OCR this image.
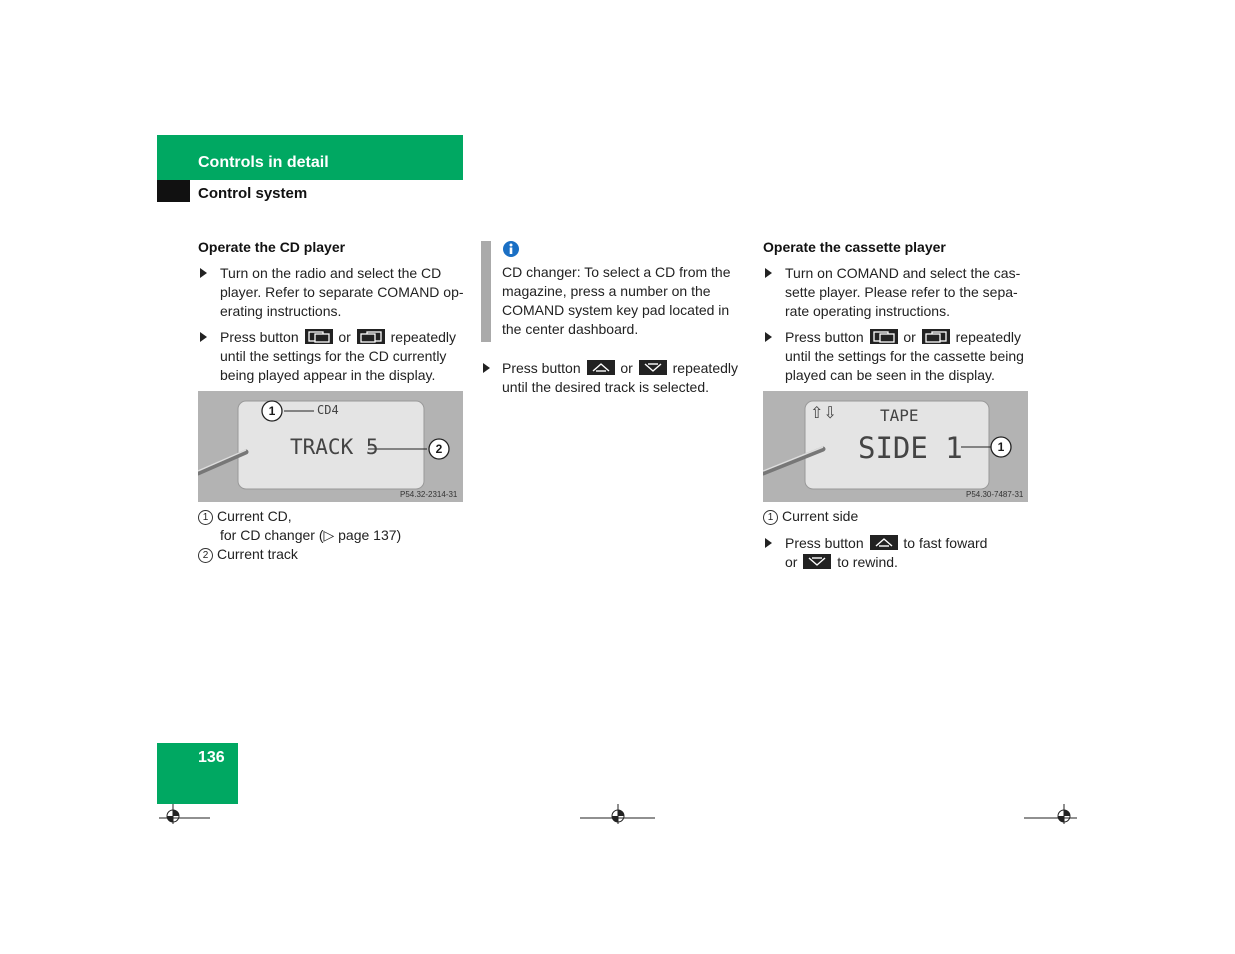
Controls in detail
Control system
Operate the CD player
Turn on the radio and select the CD
player. Refer to separate COMAND op-
erating instructions.
Press button	or	repeatedly
until the settings for the CD currently
being played appear in the display.
1
2
CD4
TRACK 5
P54.32-2314-31
1 Current CD,
for CD changer (▷ page 137)
2 Current track
CD changer: To select a CD from the
magazine, press a number on the
COMAND system key pad located in
the center dashboard.
Press button	or	repeatedly
until the desired track is selected.
Operate the cassette player
Turn on COMAND and select the cas-
sette player. Please refer to the sepa-
rate operating instructions.
Press button	or	repeatedly
until the settings for the cassette being
played can be seen in the display.
1
⇧⇩	TAPE
SIDE 1
P54.30-7487-31
1 Current side
Press button	to fast foward
or	to rewind.
136
